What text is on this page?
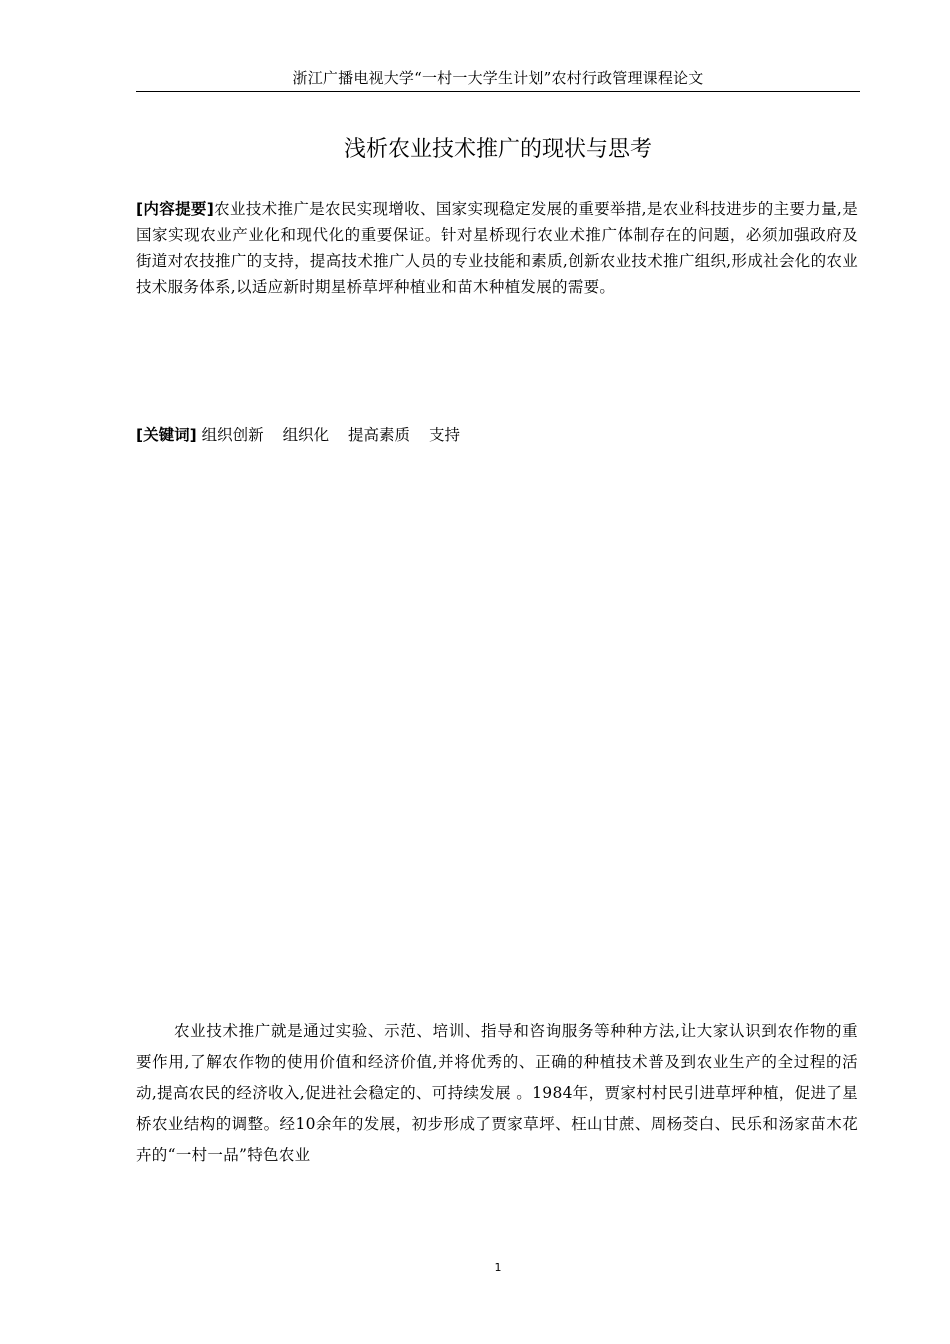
浙江广播电视大学“一村一大学生计划”农村行政管理课程论文
浅析农业技术推广的现状与思考
[内容提要]农业技术推广是农民实现增收、国家实现稳定发展的重要举措,是农业科技进步的主要力量,是国家实现农业产业化和现代化的重要保证。针对星桥现行农业术推广体制存在的问题，必须加强政府及街道对农技推广的支持，提高技术推广人员的专业技能和素质,创新农业技术推广组织,形成社会化的农业技术服务体系,以适应新时期星桥草坪种植业和苗木种植发展的需要。
[关键词] 组织创新 组织化 提高素质 支持
农业技术推广就是通过实验、示范、培训、指导和咨询服务等种种方法,让大家认识到农作物的重要作用,了解农作物的使用价值和经济价值,并将优秀的、正确的种植技术普及到农业生产的全过程的活动,提高农民的经济收入,促进社会稳定的、可持续发展 。1984年，贾家村村民引进草坪种植，促进了星桥农业结构的调整。经10余年的发展，初步形成了贾家草坪、枉山甘蔗、周杨茭白、民乐和汤家苗木花卉的“一村一品”特色农业
1
